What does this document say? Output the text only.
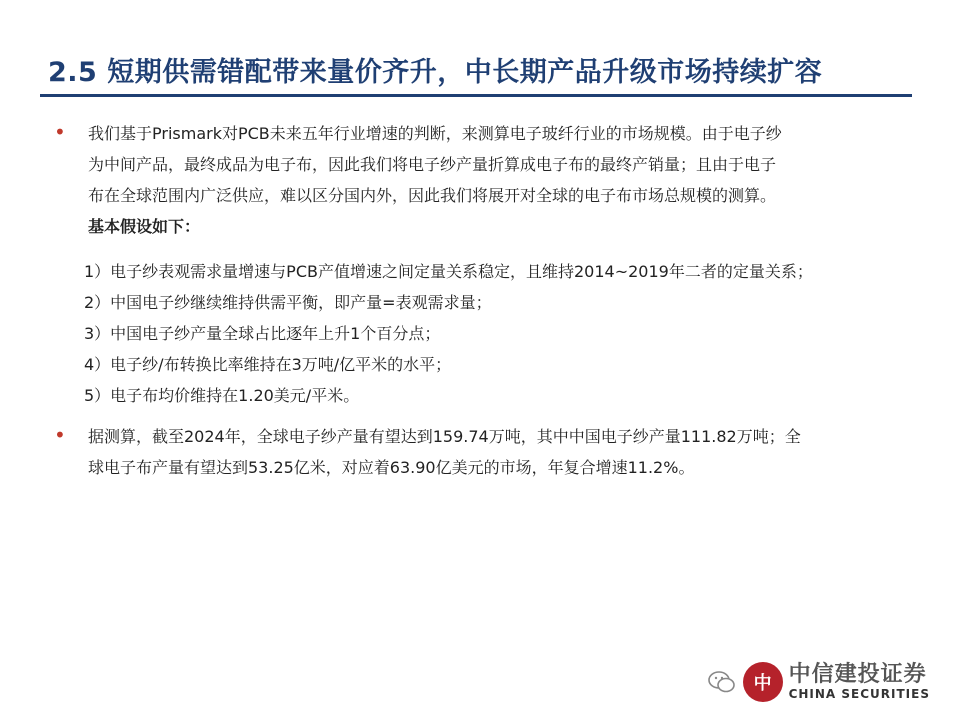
2.5 短期供需错配带来量价齐升，中长期产品升级市场持续扩容
• 我们基于Prismark对PCB未来五年行业增速的判断，来测算电子玻纤行业的市场规模。由于电子纱
为中间产品，最终成品为电子布，因此我们将电子纱产量折算成电子布的最终产销量；且由于电子
布在全球范围内广泛供应，难以区分国内外，因此我们将展开对全球的电子布市场总规模的测算。
基本假设如下：
1）电子纱表观需求量增速与PCB产值增速之间定量关系稳定，且维持2014~2019年二者的定量关系；
2）中国电子纱继续维持供需平衡，即产量=表观需求量；
3）中国电子纱产量全球占比逐年上升1个百分点；
4）电子纱/布转换比率维持在3万吨/亿平米的水平；
5）电子布均价维持在1.20美元/平米。
• 据测算，截至2024年，全球电子纱产量有望达到159.74万吨，其中中国电子纱产量111.82万吨；全
球电子布产量有望达到53.25亿米，对应着63.90亿美元的市场，年复合增速11.2%。
中 中信建投证券
CHINA SECURITIES
